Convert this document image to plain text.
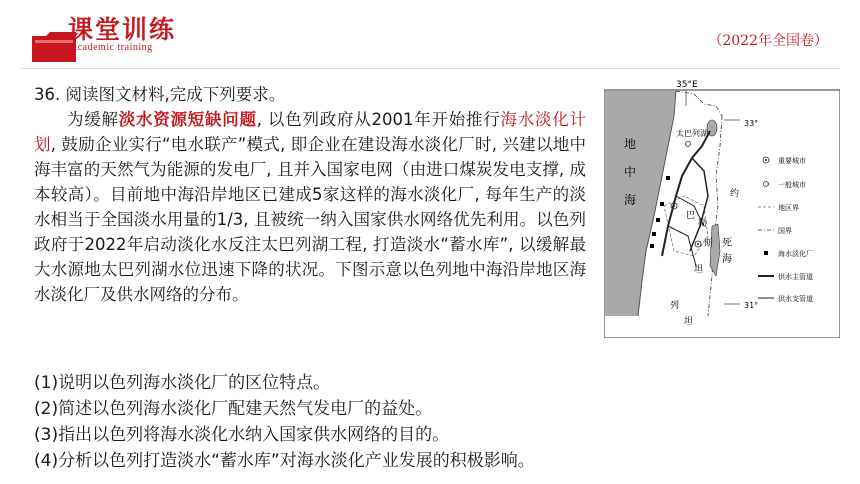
课堂训练
Academic training	（2022年全国卷）
36. 阅读图文材料,完成下列要求。
为缓解淡水资源短缺问题, 以色列政府从2001年开始推行海水淡化计划, 鼓励企业实行“电水联产”模式, 即企业在建设海水淡化厂时, 兴建以地中海丰富的天然气为能源的发电厂, 且并入国家电网（由进口煤炭发电支撑, 成本较高）。目前地中海沿岸地区已建成5家这样的海水淡化厂, 每年生产的淡水相当于全国淡水用量的1/3, 且被统一纳入国家供水网络优先利用。以色列政府于2022年启动淡化水反注太巴列湖工程, 打造淡水“蓄水库”, 以缓解最大水源地太巴列湖水位迅速下降的状况。下图示意以色列地中海沿岸地区海水淡化厂及供水网络的分布。
(1)说明以色列海水淡化厂的区位特点。
(2)简述以色列海水淡化厂配建天然气发电厂的益处。
(3)指出以色列将海水淡化水纳入国家供水网络的目的。
(4)分析以色列打造淡水“蓄水库”对海水淡化产业发展的积极影响。
35°E
33°
31°
地
中
海
太巴列湖
死
海
巴
勒
斯
坦
约
列
坦
重要城市
一般城市
地区界
国界
海水淡化厂
供水主管道
供水支管道
